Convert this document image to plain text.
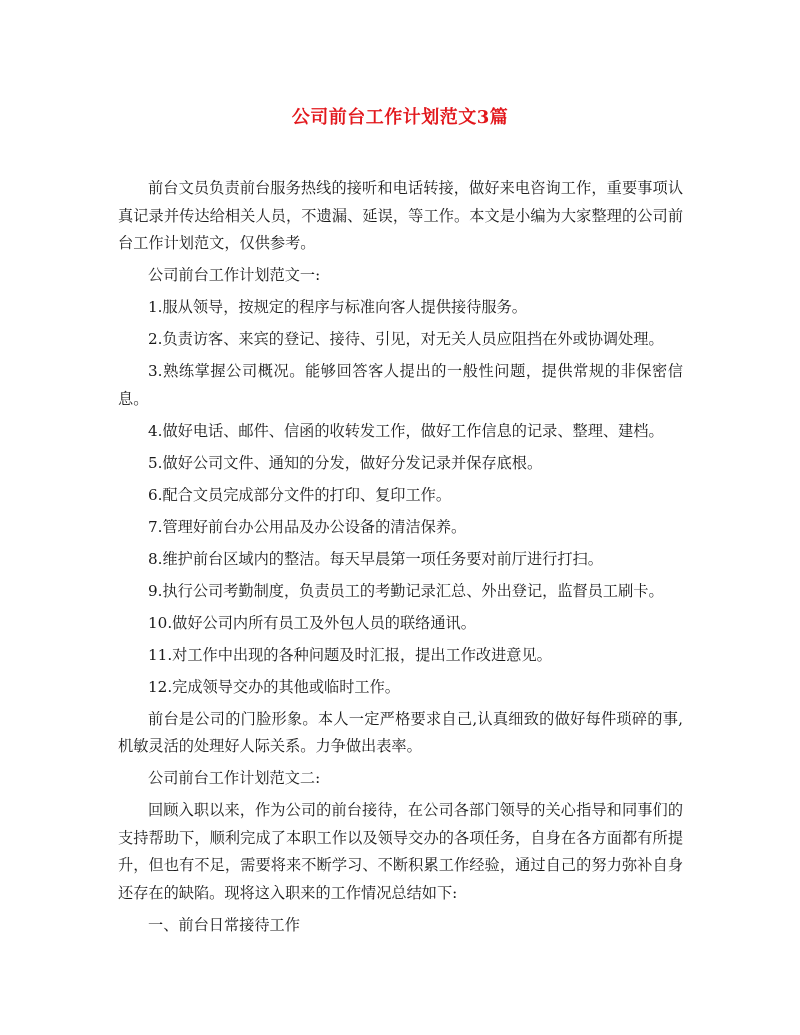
公司前台工作计划范文3篇

前台文员负责前台服务热线的接听和电话转接，做好来电咨询工作，重要事项认真记录并传达给相关人员，不遗漏、延误，等工作。本文是小编为大家整理的公司前台工作计划范文，仅供参考。

公司前台工作计划范文一:

1.服从领导，按规定的程序与标准向客人提供接待服务。

2.负责访客、来宾的登记、接待、引见，对无关人员应阻挡在外或协调处理。

3.熟练掌握公司概况。能够回答客人提出的一般性问题，提供常规的非保密信息。

4.做好电话、邮件、信函的收转发工作，做好工作信息的记录、整理、建档。

5.做好公司文件、通知的分发，做好分发记录并保存底根。

6.配合文员完成部分文件的打印、复印工作。

7.管理好前台办公用品及办公设备的清洁保养。

8.维护前台区域内的整洁。每天早晨第一项任务要对前厅进行打扫。

9.执行公司考勤制度，负责员工的考勤记录汇总、外出登记，监督员工刷卡。

10.做好公司内所有员工及外包人员的联络通讯。

11.对工作中出现的各种问题及时汇报，提出工作改进意见。

12.完成领导交办的其他或临时工作。

前台是公司的门脸形象。本人一定严格要求自己,认真细致的做好每件琐碎的事,机敏灵活的处理好人际关系。力争做出表率。

公司前台工作计划范文二:

回顾入职以来，作为公司的前台接待，在公司各部门领导的关心指导和同事们的支持帮助下，顺利完成了本职工作以及领导交办的各项任务，自身在各方面都有所提升，但也有不足，需要将来不断学习、不断积累工作经验，通过自己的努力弥补自身还存在的缺陷。现将这入职来的工作情况总结如下:

一、前台日常接待工作
